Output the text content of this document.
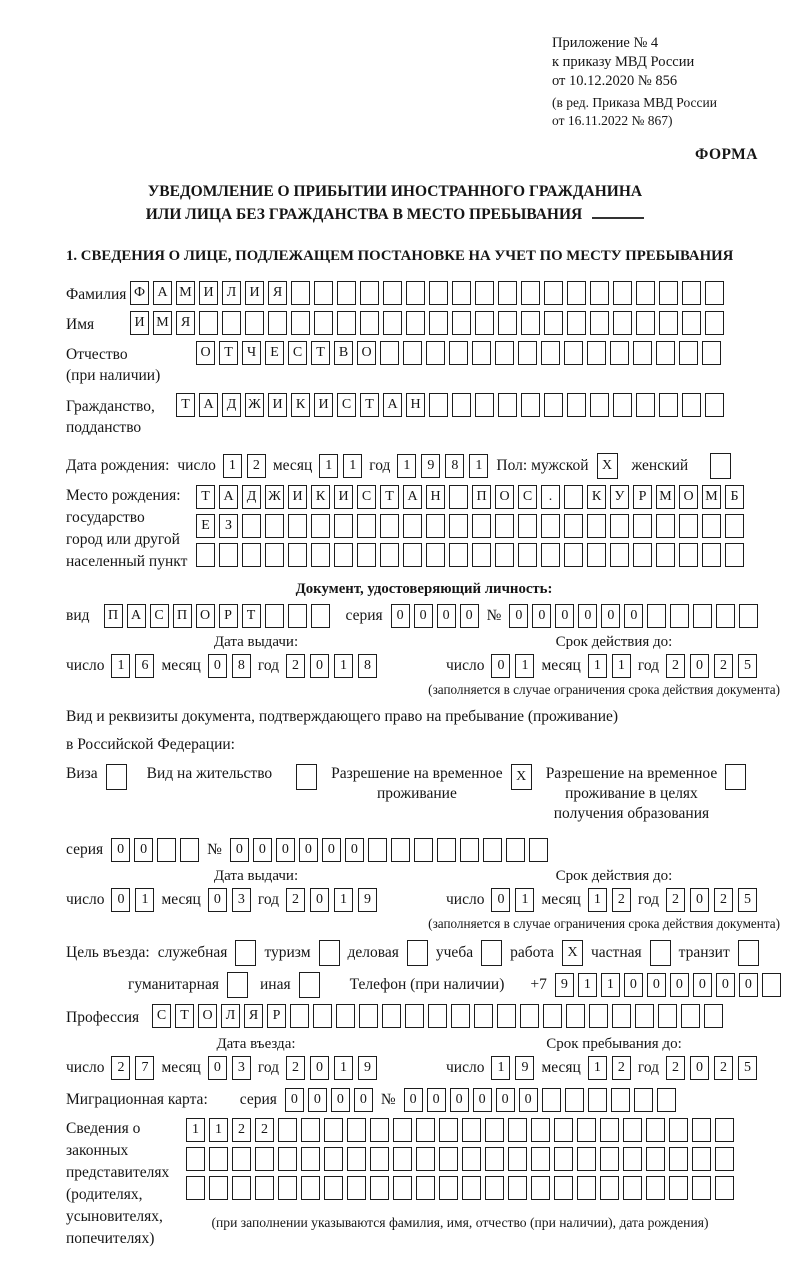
Приложение № 4
к приказу МВД России
от 10.12.2020 № 856
(в ред. Приказа МВД России
от 16.11.2022 № 867)
ФОРМА
УВЕДОМЛЕНИЕ О ПРИБЫТИИ ИНОСТРАННОГО ГРАЖДАНИНА
ИЛИ ЛИЦА БЕЗ ГРАЖДАНСТВА В МЕСТО ПРЕБЫВАНИЯ
1. СВЕДЕНИЯ О ЛИЦЕ, ПОДЛЕЖАЩЕМ ПОСТАНОВКЕ НА УЧЕТ ПО МЕСТУ ПРЕБЫВАНИЯ
Фамилия Ф А М И Л И Я
Имя	И М Я
Отчество
(при наличии)
О Т	Ч	Е	С	Т	В О
Гражданство,
подданство
Т А Д Ж И К И С	Т А Н
Дата рождения: число 1	2 месяц 1	1 год 1	9	8	1 Пол: мужской X	женский
Место рождения:
государство
город или другой
населенный пункт
Т А Д Ж И К И С	Т А Н	П О С	.	К У	Р М О М Б
Е	З
Документ, удостоверяющий личность:
вид	П А С П О	Р	Т	серия	0	0	0	0 №	0	0	0	0	0	0
Дата выдачи:
число 1	6 месяц 0	8 год 2	0	1	8
Срок действия до:
число 0	1 месяц 1	1 год 2	0	2	5
(заполняется в случае ограничения срока действия документа)
Вид и реквизиты документа, подтверждающего право на пребывание (проживание)
в Российской Федерации:
Виза	Вид на жительство	Разрешение на временное
проживание
X	Разрешение на временное
проживание в целях
получения образования
серия	0	0	№	0	0	0	0	0	0
Дата выдачи:
число 0	1 месяц 0	3 год 2	0	1	9
Срок действия до:
число 0	1 месяц 1	2 год 2	0	2	5
(заполняется в случае ограничения срока действия документа)
Цель въезда: служебная туризм деловая учеба работа X частная транзит
гуманитарная	иная	Телефон (при наличии) +7	9	1	1	0	0	0	0	0	0
Профессия	С	Т О Л Я	Р
Дата въезда:
число 2	7 месяц 0	3 год 2	0	1	9
Срок пребывания до:
число 1	9 месяц 1	2 год 2	0	2	5
Миграционная карта: серия	0	0	0	0 №	0	0	0	0	0	0
Сведения о
законных
представителях
(родителях,
усыновителях,
попечителях)
1	1	2	2
(при заполнении указываются фамилия, имя, отчество (при наличии), дата рождения)
